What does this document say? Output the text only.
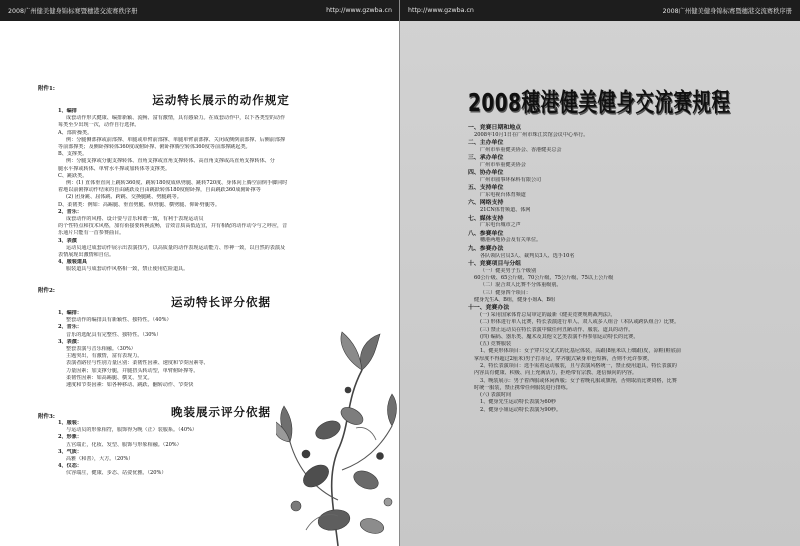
2008广州健美健身锦标赛暨穗港交流赛秩序册	http://www.gzwba.cn
附件1:

运动特长展示的动作规定

1、编排

成套动作形式健康、编排新颖、流畅、富有激情，具有感染力。在成套动作中，以下各类型的动作

每类至少出现一次，动作自行选择。

A、部阶操类。

例：分腿侧部撑或前部撑、单腿或单臂前部撑、单腿单臂前部撑、关闭或侧倒前部撑、后侧前部撑

等前部撑类；及侧卧撑转体360度或俯卧撑、俯卧撑腾空转体360度等前部撑跳起类。

B、支撑类。

例：分腿支撑或分腿支撑转体、直角支撑或直角支撑转体、高直角支撑或高直角支撑转体、分

腿水平撑或转体、单臂水平撑或加转体等支撑类。

C、跳跃类。

例：(1) 直体垂直向上跳转360度、跳转180度成纵劈腿、跳转720度、身体向上腾空前倒手脚同时

着地以前俯撑动作结束的自由跳跃及自由跳跃转体180度俯卧撑，自由跳跃360成俯卧撑等

(2) 团身跳、屈体跳、跨跳、交换腿跳、劈腿跳等。

D、柔韧类：例如：高踢腿、垂直劈腿、纵劈腿、横劈腿、仰卧劈腿等。

2、音乐：

成套动作的风格、设计要与音乐和谐一致，有利于表现运动员

的个性特点和技术风格，加有衔接要转换流畅，音效音质高低适宜，并有相配的动作动令与之呼应，音

乐通片只能有一首参赛曲目。

3、表演

运动员通过成套动作展示出表演技巧，以高质量的动作表现运动能力、形神一致，以自然的表演及

表情展现出激情和自信。

4、服装道具

服装道具与成套动作风格相一致，禁止使用危险道具。

附件2:

运动特长评分依据

1、编排：

整套动作的编排具有新颖性、独特性。（40%）

2、音乐：

音乐的选配具有完整性、独特性。（30%）

3、表演：

整套表演与音乐相融。（30%）

主题突出，有激情，富有表现力。

表演者路径与性别力量区别：柔韧性因素、速度和节奏因素等、

力量因素；加支撑分腿，并腿扭头转动型，单臂俯卧撑等。

柔韧性因素：如高踢腿、横叉、竖叉。

速度和节奏因素：如各种移动、跳跃、翻转动作、节奏快

附件3:	晚装展示评分依据

1、服装：

与运动员的形象相符，服饰得为晚（正）装服系。（40%）

2、形象：

五官端正，化妆、发型、服饰与形象相融。（20%）

3、气质：

高雅（和善），大方。（20%）

4、仪态：

仪容端庄，健康、步态、站姿优雅。（20%）

http://www.gzwba.cn	2008广州健美健身锦标赛暨穗港交流赛秩序册
2008穗港健美健身交流赛规程

一、竞赛日期和地点

2008年10月1日在广州市珠江宾馆会议中心举行。

二、主办单位

广州市举重健美协会、香港健美总会

三、承办单位

广州市举重健美协会

四、协办单位

广州市圆事环保科有限公司

五、支持单位

广东电视台体育频道

六、网络支持

21CN体育频道、体网

七、媒体支持

广东电台城市之声

八、参赛单位

穗港两地协会及有关单位。

九、参赛办法

各队领队官员3人、裁判员3人、选手10名

十、竞赛项目与分组

（一）健美男子五个级别

60公斤级、65公斤级、70公斤级、75公斤级、75以上公斤级

（二）混合双人比赛不分体重级别。

（三）健身四个项目：

健身先生A、B组，健身小姐A、B组

十一、竞赛办法

(一) 采用国家体育总局审定的最新《健美竞赛规则裁判法》。

(二) 形体进行单人比赛，特长表演进行单人、双人或多人组合（本队或跨队组合）比赛。

(三) 禁止运动员在特长表演中做任何丑陋动作、服装、道具的动作。

(四) 编码、器乐类、魔术及其他文艺类表演不得参加运动特长的比赛。

(五) 竞赛服装

1、健美形体项目：女子穿只交叉式的比基尼体装，高跟(8厘米以上细跟)皮，凉鞋(鞋底前

掌厚度不得超过2厘米)男子打赤足，穿齐腿式紧身单色短裤，否则不允许参赛。

2、特长表演项目：选手需着运动服装，且与表演风格统一，禁止使用道具，特长表演的

内容具有健康、积极、向上充满活力，拒绝带有宗教、迷信倾向的内容。

3、晚装展示：男子着西服或休闲西服；女子着晚礼服或旗袍，否则取消比赛资格，比赛

时统一服装，禁止携带任何服装进行排练。

(六) 表演时间

1、健身先生运动特长表演为60秒

2、健身小姐运动特长表演为90秒。
